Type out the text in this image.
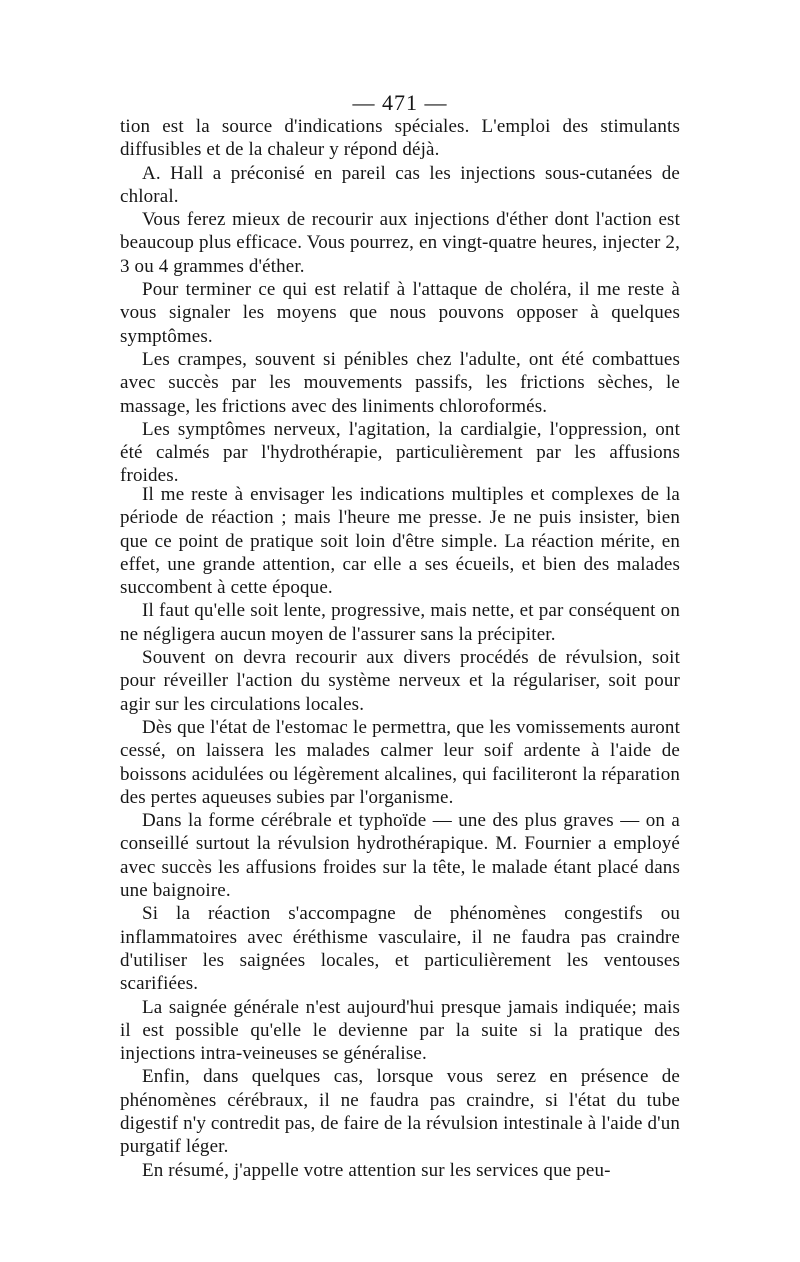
— 471 —

tion est la source d'indications spéciales. L'emploi des stimulants diffusibles et de la chaleur y répond déjà.

A. Hall a préconisé en pareil cas les injections sous-cutanées de chloral.

Vous ferez mieux de recourir aux injections d'éther dont l'action est beaucoup plus efficace. Vous pourrez, en vingt-quatre heures, injecter 2, 3 ou 4 grammes d'éther.

Pour terminer ce qui est relatif à l'attaque de choléra, il me reste à vous signaler les moyens que nous pouvons opposer à quelques symptômes.

Les crampes, souvent si pénibles chez l'adulte, ont été combattues avec succès par les mouvements passifs, les frictions sèches, le massage, les frictions avec des liniments chloroformés.

Les symptômes nerveux, l'agitation, la cardialgie, l'oppression, ont été calmés par l'hydrothérapie, particulièrement par les affusions froides.

Il me reste à envisager les indications multiples et complexes de la période de réaction ; mais l'heure me presse. Je ne puis insister, bien que ce point de pratique soit loin d'être simple. La réaction mérite, en effet, une grande attention, car elle a ses écueils, et bien des malades succombent à cette époque.

Il faut qu'elle soit lente, progressive, mais nette, et par conséquent on ne négligera aucun moyen de l'assurer sans la précipiter.

Souvent on devra recourir aux divers procédés de révulsion, soit pour réveiller l'action du système nerveux et la régulariser, soit pour agir sur les circulations locales.

Dès que l'état de l'estomac le permettra, que les vomissements auront cessé, on laissera les malades calmer leur soif ardente à l'aide de boissons acidulées ou légèrement alcalines, qui faciliteront la réparation des pertes aqueuses subies par l'organisme.

Dans la forme cérébrale et typhoïde — une des plus graves — on a conseillé surtout la révulsion hydrothérapique. M. Fournier a employé avec succès les affusions froides sur la tête, le malade étant placé dans une baignoire.

Si la réaction s'accompagne de phénomènes congestifs ou inflammatoires avec éréthisme vasculaire, il ne faudra pas craindre d'utiliser les saignées locales, et particulièrement les ventouses scarifiées.

La saignée générale n'est aujourd'hui presque jamais indiquée; mais il est possible qu'elle le devienne par la suite si la pratique des injections intra-veineuses se généralise.

Enfin, dans quelques cas, lorsque vous serez en présence de phénomènes cérébraux, il ne faudra pas craindre, si l'état du tube digestif n'y contredit pas, de faire de la révulsion intestinale à l'aide d'un purgatif léger.

En résumé, j'appelle votre attention sur les services que peu-
